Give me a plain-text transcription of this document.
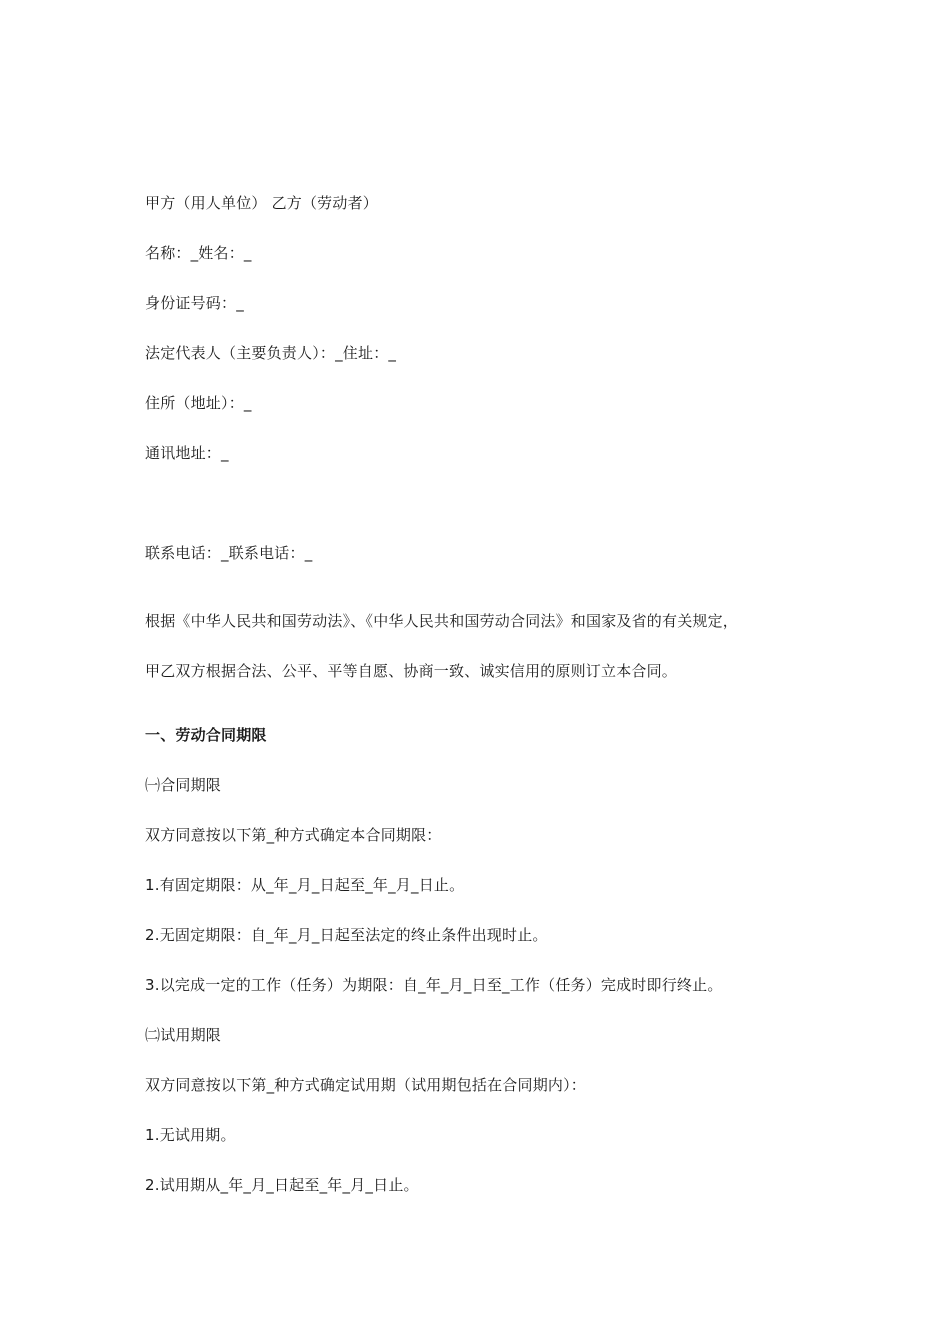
甲方（用人单位） 乙方（劳动者）
名称：_姓名：_
身份证号码：_
法定代表人（主要负责人）：_住址：_
住所（地址）：_
通讯地址：_
联系电话：_联系电话：_
根据《中华人民共和国劳动法》、《中华人民共和国劳动合同法》和国家及省的有关规定，
甲乙双方根据合法、公平、平等自愿、协商一致、诚实信用的原则订立本合同。
一、劳动合同期限
㈠合同期限
双方同意按以下第_种方式确定本合同期限：
1.有固定期限：从_年_月_日起至_年_月_日止。
2.无固定期限：自_年_月_日起至法定的终止条件出现时止。
3.以完成一定的工作（任务）为期限：自_年_月_日至_工作（任务）完成时即行终止。
㈡试用期限
双方同意按以下第_种方式确定试用期（试用期包括在合同期内）：
1.无试用期。
2.试用期从_年_月_日起至_年_月_日止。
